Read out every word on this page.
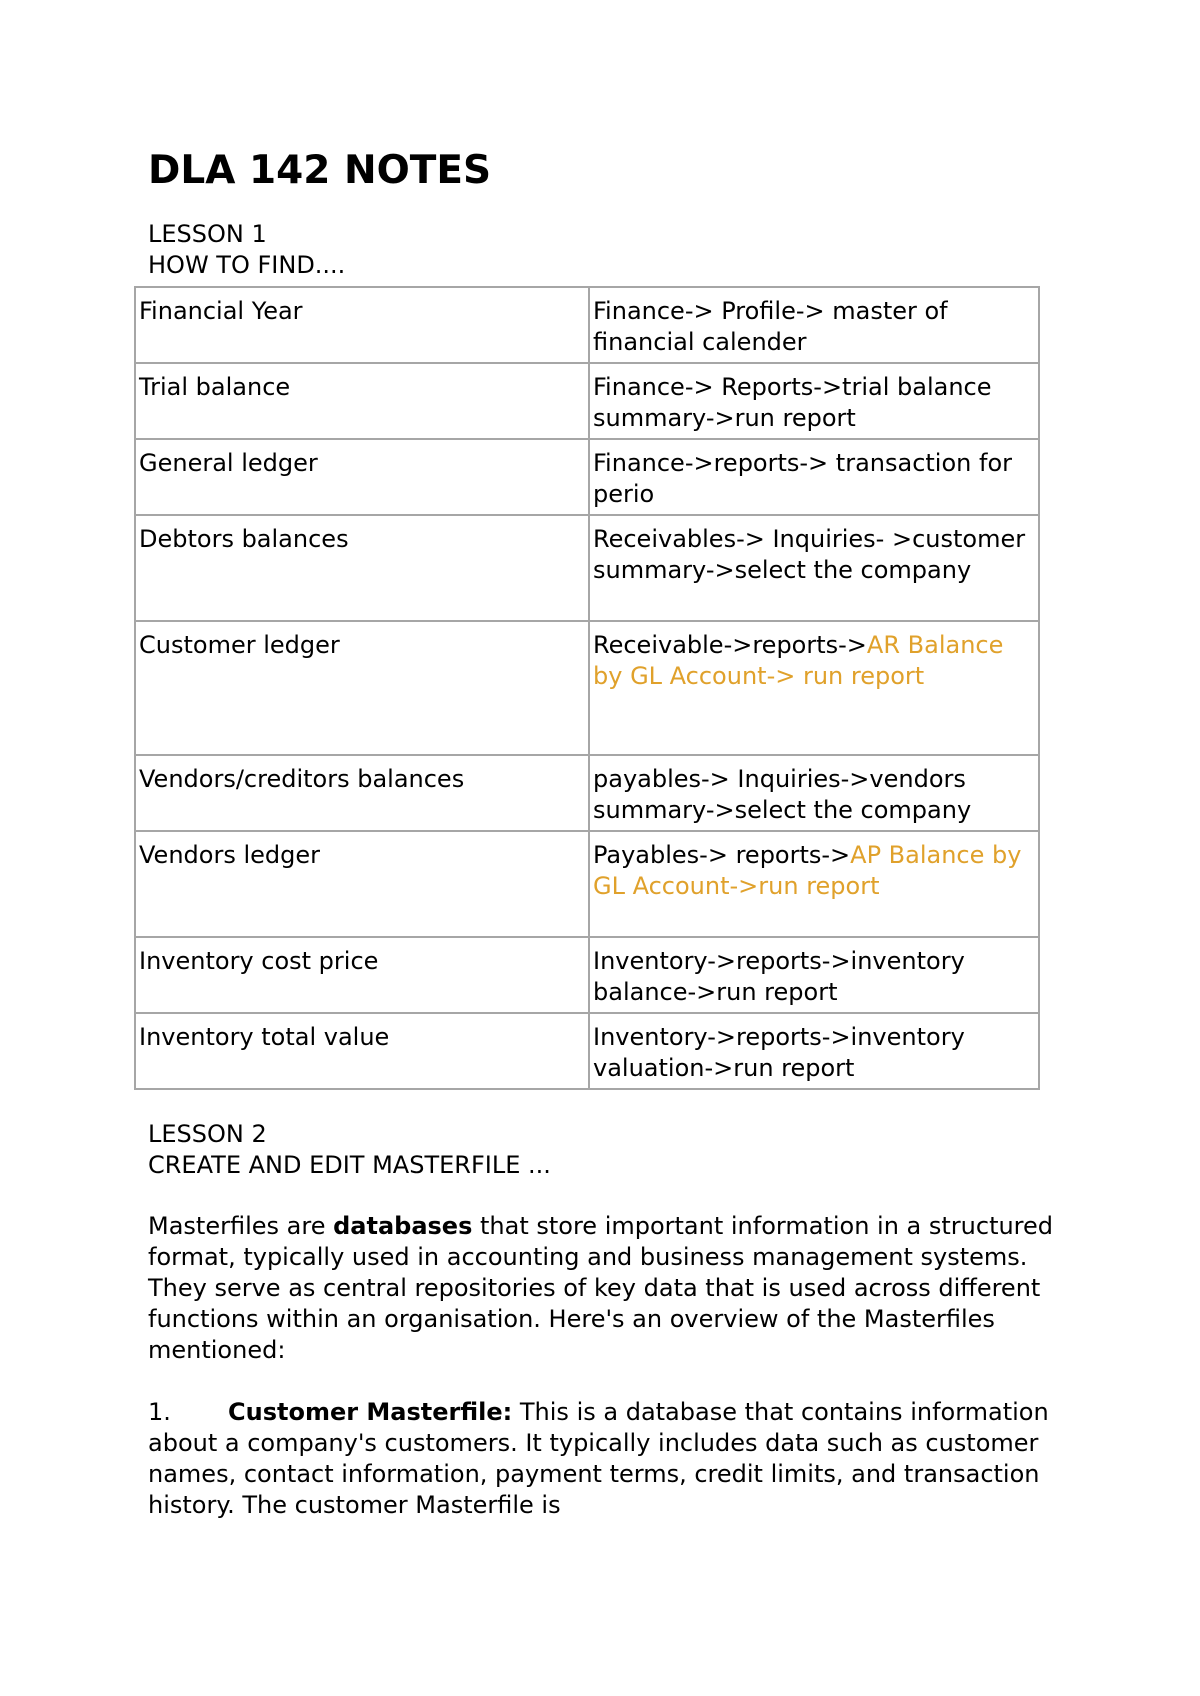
DLA 142 NOTES
LESSON 1
HOW TO FIND....
Financial Year	Finance-> Profile-> master of financial calender
Trial balance	Finance-> Reports->trial balance summary->run report
General ledger	Finance->reports-> transaction for perio
Debtors balances	Receivables-> Inquiries- >customer summary->select the company
Customer ledger	Receivable->reports->AR Balance by GL Account-> run report
Vendors/creditors balances	payables-> Inquiries->vendors summary->select the company
Vendors ledger	Payables-> reports->AP Balance by GL Account->run report
Inventory cost price	Inventory->reports->inventory balance->run report
Inventory total value	Inventory->reports->inventory valuation->run report
LESSON 2
CREATE AND EDIT MASTERFILE ...

Masterfiles are databases that store important information in a structured format, typically used in accounting and business management systems. They serve as central repositories of key data that is used across different functions within an organisation. Here's an overview of the Masterfiles mentioned:

1. Customer Masterfile: This is a database that contains information about a company's customers. It typically includes data such as customer names, contact information, payment terms, credit limits, and transaction history. The customer Masterfile is
